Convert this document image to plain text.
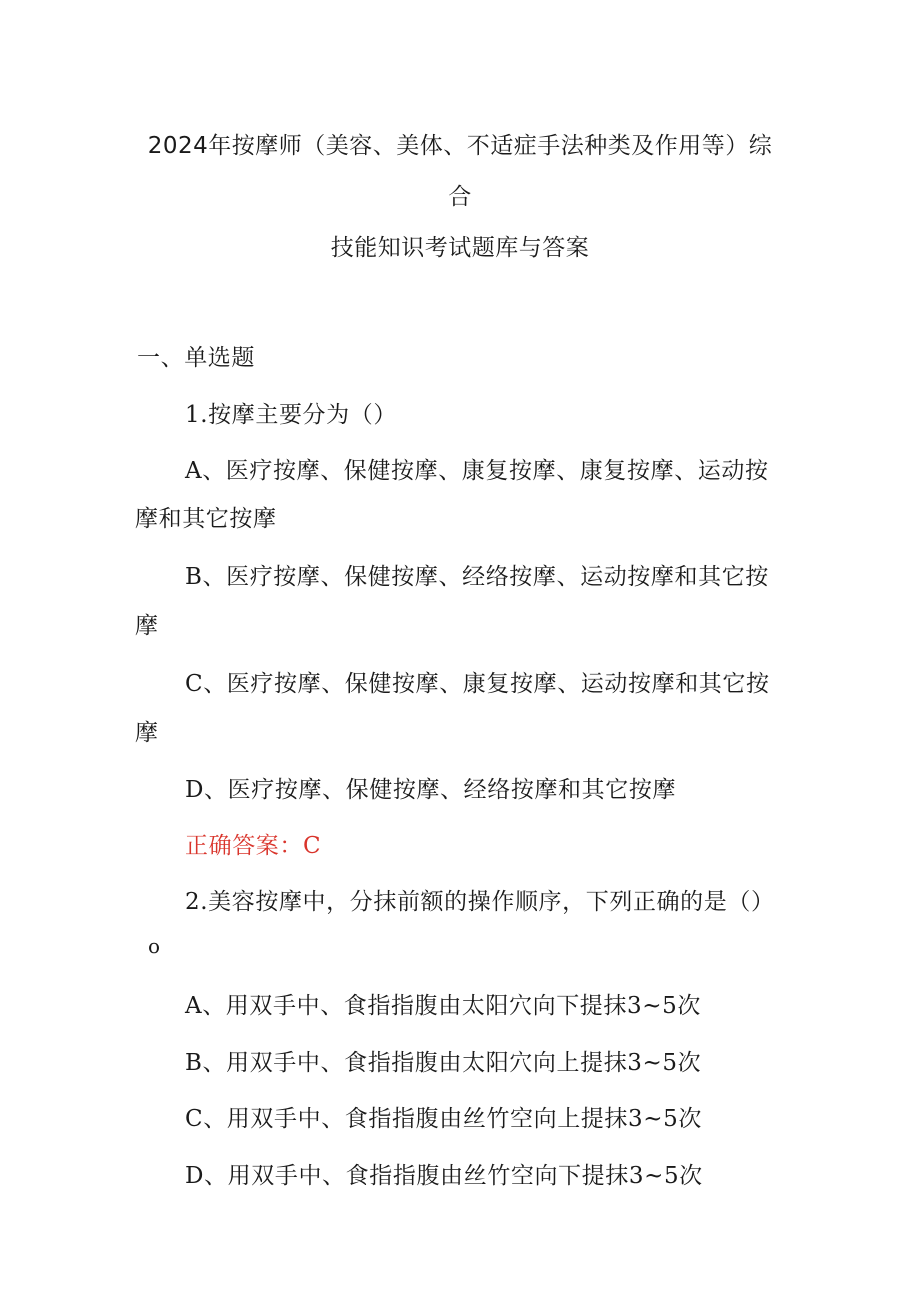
2024年按摩师（美容、美体、不适症手法种类及作用等）综
合
技能知识考试题库与答案
一、单选题
1.按摩主要分为（）
A、医疗按摩、保健按摩、康复按摩、康复按摩、运动按
摩和其它按摩
B、医疗按摩、保健按摩、经络按摩、运动按摩和其它按
摩
C、医疗按摩、保健按摩、康复按摩、运动按摩和其它按
摩
D、医疗按摩、保健按摩、经络按摩和其它按摩
正确答案：C
2.美容按摩中，分抹前额的操作顺序，下列正确的是（）
o
A、用双手中、食指指腹由太阳穴向下提抹3~5次
B、用双手中、食指指腹由太阳穴向上提抹3~5次
C、用双手中、食指指腹由丝竹空向上提抹3~5次
D、用双手中、食指指腹由丝竹空向下提抹3~5次
